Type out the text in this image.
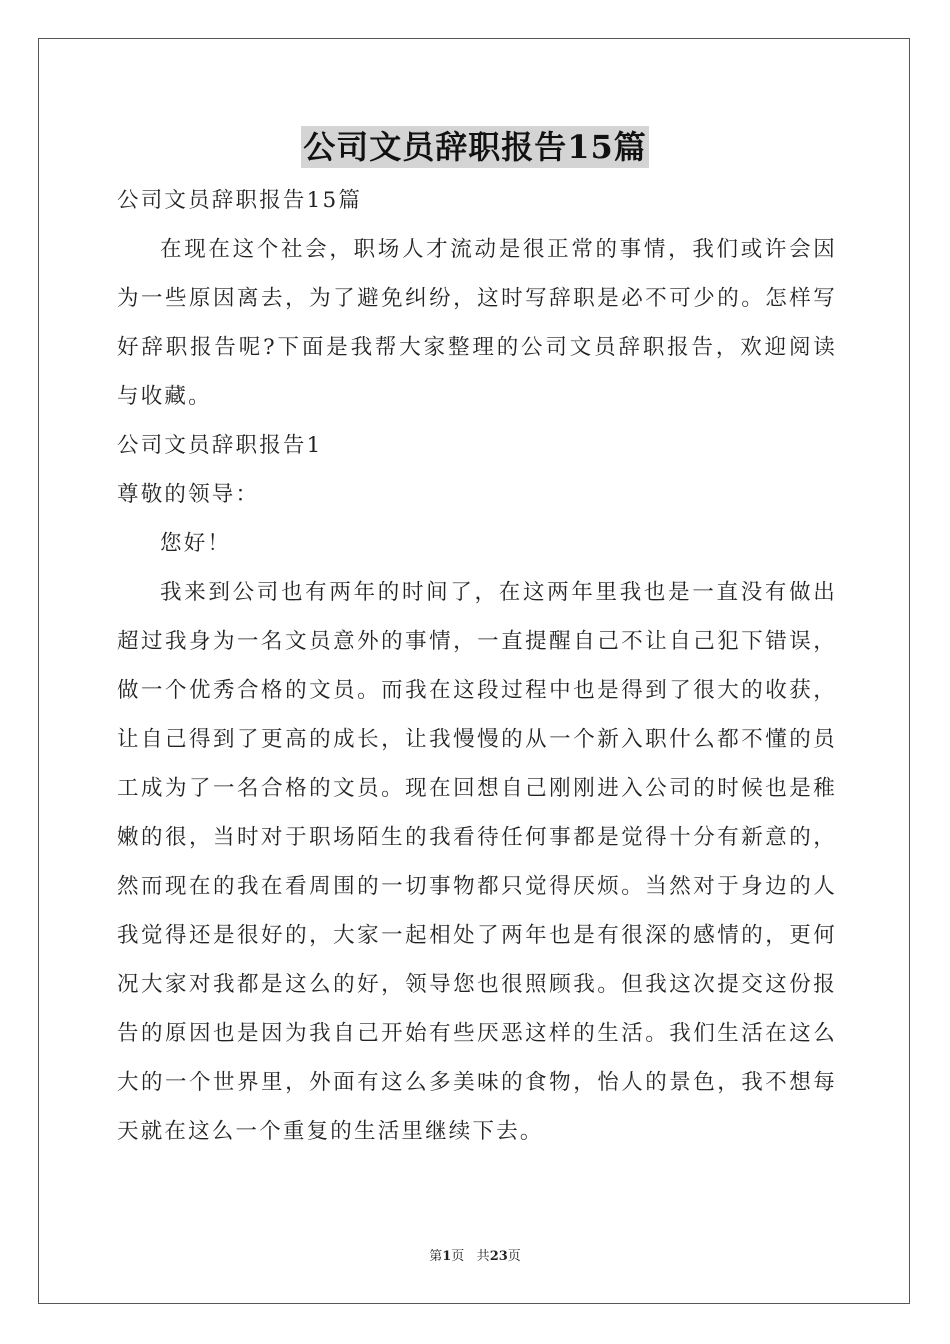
公司文员辞职报告15篇

公司文员辞职报告15篇

在现在这个社会，职场人才流动是很正常的事情，我们或许会因为一些原因离去，为了避免纠纷，这时写辞职是必不可少的。怎样写好辞职报告呢?下面是我帮大家整理的公司文员辞职报告，欢迎阅读与收藏。

公司文员辞职报告1

尊敬的领导：

您好！

我来到公司也有两年的时间了，在这两年里我也是一直没有做出超过我身为一名文员意外的事情，一直提醒自己不让自己犯下错误，做一个优秀合格的文员。而我在这段过程中也是得到了很大的收获，让自己得到了更高的成长，让我慢慢的从一个新入职什么都不懂的员工成为了一名合格的文员。现在回想自己刚刚进入公司的时候也是稚嫩的很，当时对于职场陌生的我看待任何事都是觉得十分有新意的，然而现在的我在看周围的一切事物都只觉得厌烦。当然对于身边的人我觉得还是很好的，大家一起相处了两年也是有很深的感情的，更何况大家对我都是这么的好，领导您也很照顾我。但我这次提交这份报告的原因也是因为我自己开始有些厌恶这样的生活。我们生活在这么大的一个世界里，外面有这么多美味的食物，怡人的景色，我不想每天就在这么一个重复的生活里继续下去。

第1页 共23页
